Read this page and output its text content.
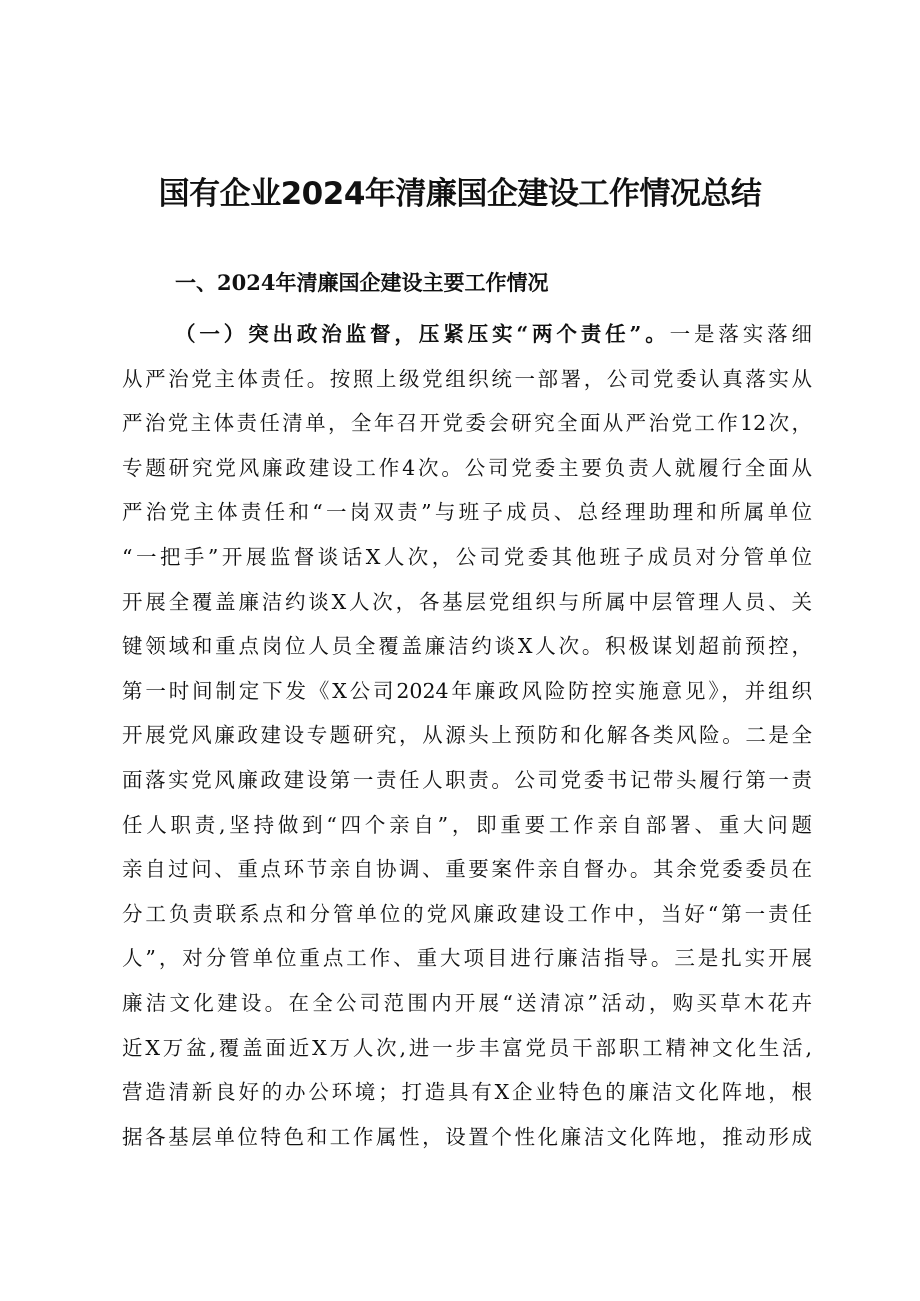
国有企业2024年清廉国企建设工作情况总结
一、2024年清廉国企建设主要工作情况
（一）突出政治监督，压紧压实“两个责任”。一是落实落细
从严治党主体责任。按照上级党组织统一部署，公司党委认真落实从
严治党主体责任清单，全年召开党委会研究全面从严治党工作12次，
专题研究党风廉政建设工作4次。公司党委主要负责人就履行全面从
严治党主体责任和“一岗双责”与班子成员、总经理助理和所属单位
“一把手”开展监督谈话X人次，公司党委其他班子成员对分管单位
开展全覆盖廉洁约谈X人次，各基层党组织与所属中层管理人员、关
键领域和重点岗位人员全覆盖廉洁约谈X人次。积极谋划超前预控，
第一时间制定下发《X公司2024年廉政风险防控实施意见》，并组织
开展党风廉政建设专题研究，从源头上预防和化解各类风险。二是全
面落实党风廉政建设第一责任人职责。公司党委书记带头履行第一责
任人职责,坚持做到“四个亲自”，即重要工作亲自部署、重大问题
亲自过问、重点环节亲自协调、重要案件亲自督办。其余党委委员在
分工负责联系点和分管单位的党风廉政建设工作中，当好“第一责任
人”，对分管单位重点工作、重大项目进行廉洁指导。三是扎实开展
廉洁文化建设。在全公司范围内开展“送清凉”活动，购买草木花卉
近X万盆,覆盖面近X万人次,进一步丰富党员干部职工精神文化生活,
营造清新良好的办公环境；打造具有X企业特色的廉洁文化阵地，根
据各基层单位特色和工作属性，设置个性化廉洁文化阵地，推动形成
